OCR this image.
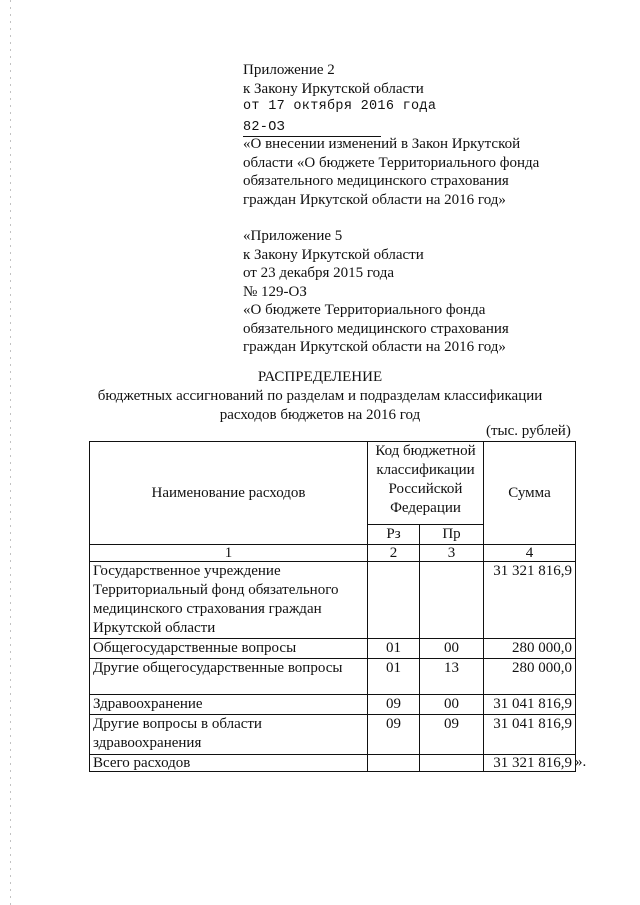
Приложение 2
к Закону Иркутской области
от 17 октября 2016 года
82-ОЗ
«О внесении изменений в Закон Иркутской
области «О бюджете Территориального фонда
обязательного медицинского страхования
граждан Иркутской области на 2016 год»
«Приложение 5
к Закону Иркутской области
от 23 декабря 2015 года
№ 129-ОЗ
«О бюджете Территориального фонда
обязательного медицинского страхования
граждан Иркутской области на 2016 год»
РАСПРЕДЕЛЕНИЕ
бюджетных ассигнований по разделам и подразделам классификации
расходов бюджетов на 2016 год
(тыс. рублей)
Наименование расходов	Код бюджетной
классификации
Российской
Федерации		Сумма
	Рз	Пр	
1	2	3	4

Государственное учреждение
Территориальный фонд обязательного
медицинского страхования граждан
Иркутской области			31 321 816,9
Общегосударственные вопросы	01	00	280 000,0
Другие общегосударственные вопросы	01	13	280 000,0
Здравоохранение	09	00	31 041 816,9

Другие вопросы в области
здравоохранения	09	09	31 041 816,9
Всего расходов			31 321 816,9 ».
